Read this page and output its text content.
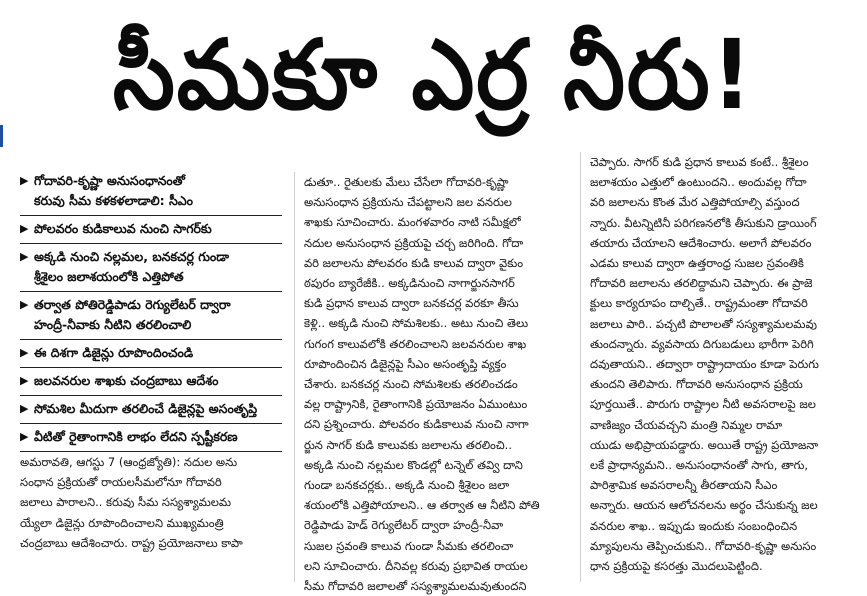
సీమకూ ఎర్ర నీరు!
▶ గోదావరి-కృష్ణా అనుసంధానంతో
కరువు సీమ కళకళలాడాలి: సీఎం
▶ పోలవరం కుడికాలువ నుంచి సాగర్‌కు
▶ అక్కడి నుంచి నల్లమల, బనకచర్ల గుండా
శ్రీశైలం జలాశయంలోకి ఎత్తిపోత
▶ తర్వాత పోతిరెడ్డిపాడు రెగ్యులేటర్ ద్వారా
హంద్రీ-నీవాకు నీటిని తరలించాలి
▶ ఈ దిశగా డిజైన్లు రూపొందించండి
▶ జలవనరుల శాఖకు చంద్రబాబు ఆదేశం
▶ సోమశిల మీదుగా తరలించే డిజైన్లపై అసంతృప్తి
▶ వీటితో రైతాంగానికి లాభం లేదని స్పష్టీకరణ
అమరావతి, ఆగస్టు 7 (ఆంధ్రజ్యోతి): నదుల అను
సంధాన ప్రక్రియతో రాయలసీమలోనూ గోదావరి
జలాలు పారాలని.. కరువు సీమ సస్యశ్యామలమ
య్యేలా డిజైన్లు రూపొందించాలని ముఖ్యమంత్రి
చంద్రబాబు ఆదేశించారు. రాష్ట్ర ప్రయోజనాలు కాపా
డుతూ.. రైతులకు మేలు చేసేలా గోదావరి-కృష్ణా
అనుసంధాన ప్రక్రియను చేపట్టాలని జల వనరుల
శాఖకు సూచించారు. మంగళవారం నాటి సమీక్షలో
నదుల అనుసంధాన ప్రక్రియపై చర్చ జరిగింది. గోదా
వరి జలాలను పోలవరం కుడి కాలువ ద్వారా వైకుం
ఠపురం బ్యారేజీకి.. అక్కడినుంచి నాగార్జునసాగర్
కుడి ప్రధాన కాలువ ద్వారా బనకచర్ల వరకూ తీసు
కెళ్లి.. అక్కడి నుంచి సోమశిలకు.. అటు నుంచి తెలు
గుగంగ కాలువలోకి తరలించాలని జలవనరుల శాఖ
రూపొందించిన డిజైన్లపై సీఎం అసంతృప్తి వ్యక్తం
చేశారు. బనకచర్ల నుంచి సోమశిలకు తరలించడం
వల్ల రాష్ట్రానికి, రైతాంగానికి ప్రయోజనం ఏముంటుం
దని ప్రశ్నించారు. పోలవరం కుడికాలువ నుంచి నాగా
ర్జున సాగర్ కుడి కాలువకు జలాలను తరలించి..
అక్కడి నుంచి నల్లమల కొండల్లో టన్నెల్ తవ్వి దాని
గుండా బనకచర్లకు.. అక్కడి నుంచి శ్రీశైలం జలా
శయంలోకి ఎత్తిపోయాలని.. ఆ తర్వాత ఆ నీటిని పోతి
రెడ్డిపాడు హెడ్ రెగ్యులేటర్ ద్వారా హంద్రీ-నీవా
సుజల స్రవంతి కాలువ గుండా సీమకు తరలించా
లని సూచించారు. దీనివల్ల కరువు ప్రభావిత రాయల
సీమ గోదావరి జలాలతో సస్యశ్యామలమవుతుందని
చెప్పారు. సాగర్ కుడి ప్రధాన కాలువ కంటే.. శ్రీశైలం
జలాశయం ఎత్తులో ఉంటుందని.. అందువల్ల గోదా
వరి జలాలను కొంత మేర ఎత్తిపోయాల్సి వస్తుంద
న్నారు. వీటన్నిటినీ పరిగణనలోకి తీసుకుని డ్రాయింగ్
తయారు చేయాలని ఆదేశించారు. అలాగే పోలవరం
ఎడమ కాలువ ద్వారా ఉత్తరాంధ్ర సుజల స్రవంతికి
గోదావరి జలాలను తరలిద్దామని చెప్పారు. ఈ ప్రాజె
క్టులు కార్యరూపం దాల్చితే.. రాష్ట్రమంతా గోదావరి
జలాలు పారి.. పచ్చటి పొలాలతో సస్యశ్యామలమవు
తుందన్నారు. వ్యవసాయ దిగుబడులు భారీగా పెరిగి
దవుతాయని.. తద్వారా రాష్ట్రాదాయం కూడా పెరుగు
తుందని తెలిపారు. గోదావరి అనుసంధాన ప్రక్రియ
పూర్తయితే.. పొరుగు రాష్ట్రాల నీటి అవసరాలపై జల
వాణిజ్యం చేయవచ్చని మంత్రి నిమ్మల రామా
యుడు అభిప్రాయపడ్డారు. అయితే రాష్ట్ర ప్రయోజనా
లకే ప్రాధాన్యమని.. అనుసంధానంతో సాగు, తాగు,
పారిశ్రామిక అవసరాలన్నీ తీరతాయని సీఎం
అన్నారు. ఆయన ఆలోచనలను అర్థం చేసుకున్న జల
వనరుల శాఖ.. ఇప్పుడు ఇందుకు సంబంధించిన
మ్యాపులను తెప్పించుకుని.. గోదావరి-కృష్ణా అనుసం
ధాన ప్రక్రియపై కసరత్తు మొదలుపెట్టింది.
